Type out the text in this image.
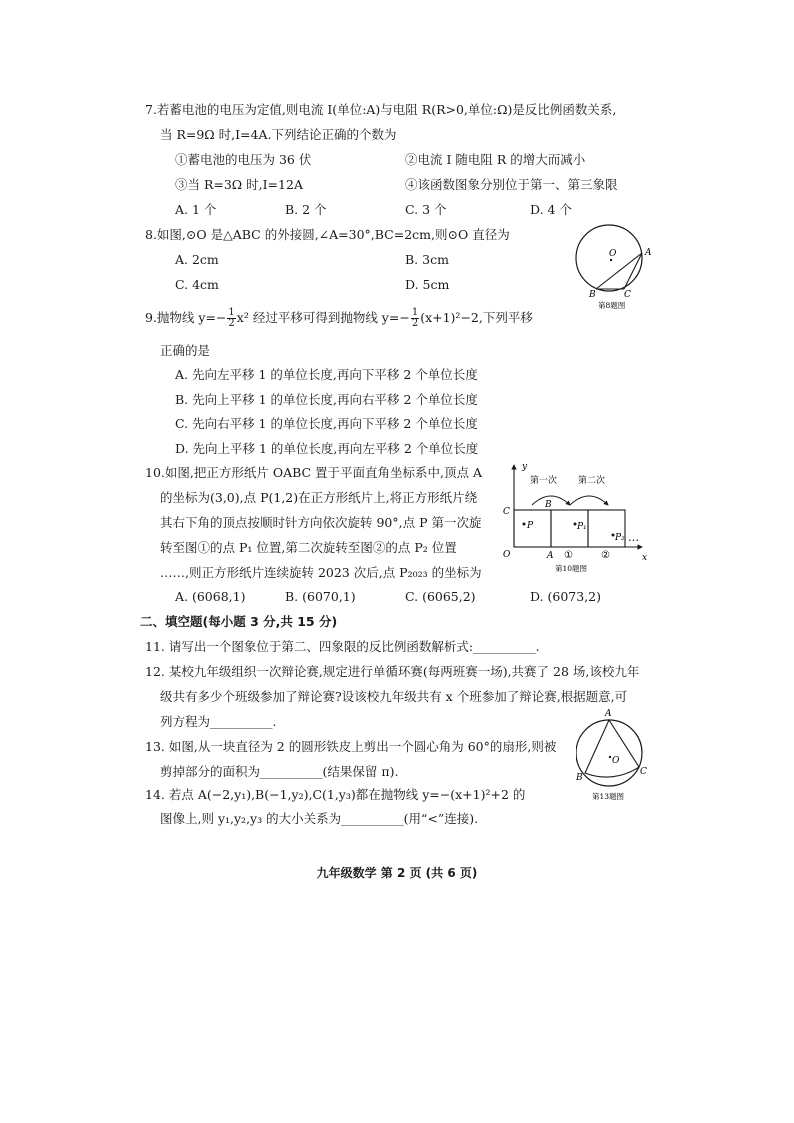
7.若蓄电池的电压为定值,则电流 I(单位:A)与电阻 R(R>0,单位:Ω)是反比例函数关系,
当 R=9Ω 时,I=4A.下列结论正确的个数为
①蓄电池的电压为 36 伏	②电流 I 随电阻 R 的增大而减小
③当 R=3Ω 时,I=12A	④该函数图象分别位于第一、第三象限
A. 1 个	B. 2 个	C. 3 个	D. 4 个
8.如图,⊙O 是△ABC 的外接圆,∠A=30°,BC=2cm,则⊙O 直径为
A. 2cm	B. 3cm
C. 4cm	D. 5cm
O	A
B	C
第8题图
9.抛物线 $y=- \frac{1}{2} x^2$ 经过平移可得到抛物线 $y=- \frac{1}{2} (x+1)^2-2$,下列平移
正确的是
A. 先向左平移 1 的单位长度,再向下平移 2 个单位长度
B. 先向上平移 1 的单位长度,再向右平移 2 个单位长度
C. 先向右平移 1 的单位长度,再向下平移 2 个单位长度
D. 先向上平移 1 的单位长度,再向左平移 2 个单位长度
10.如图,把正方形纸片 OABC 置于平面直角坐标系中,顶点 A
的坐标为(3,0),点 P(1,2)在正方形纸片上,将正方形纸片绕
其右下角的顶点按顺时针方向依次旋转 90°,点 P 第一次旋
转至图①的点 P₁ 位置,第二次旋转至图②的点 P₂ 位置
……,则正方形纸片连续旋转 2023 次后,点 P₂₀₂₃ 的坐标为
A. (6068,1)	B. (6070,1)	C. (6065,2)	D. (6073,2)
y
x
O	A
C
B
P	P₁
P₂
第一次 第二次
①	②
…
第10题图
二、填空题(每小题 3 分,共 15 分)
11. 请写出一个图象位于第二、四象限的反比例函数解析式:__________.
12. 某校九年级组织一次辩论赛,规定进行单循环赛(每两班赛一场),共赛了 28 场,该校九年
级共有多少个班级参加了辩论赛?设该校九年级共有 x 个班参加了辩论赛,根据题意,可
列方程为__________.
13. 如图,从一块直径为 2 的圆形铁皮上剪出一个圆心角为 60°的扇形,则被
剪掉部分的面积为__________(结果保留 π).
A
B
C
O
第13题图
14. 若点 A(−2,y₁),B(−1,y₂),C(1,y₃)都在抛物线 y=−(x+1)²+2 的
图像上,则 y₁,y₂,y₃ 的大小关系为__________(用“<”连接).
九年级数学 第 2 页 (共 6 页)
